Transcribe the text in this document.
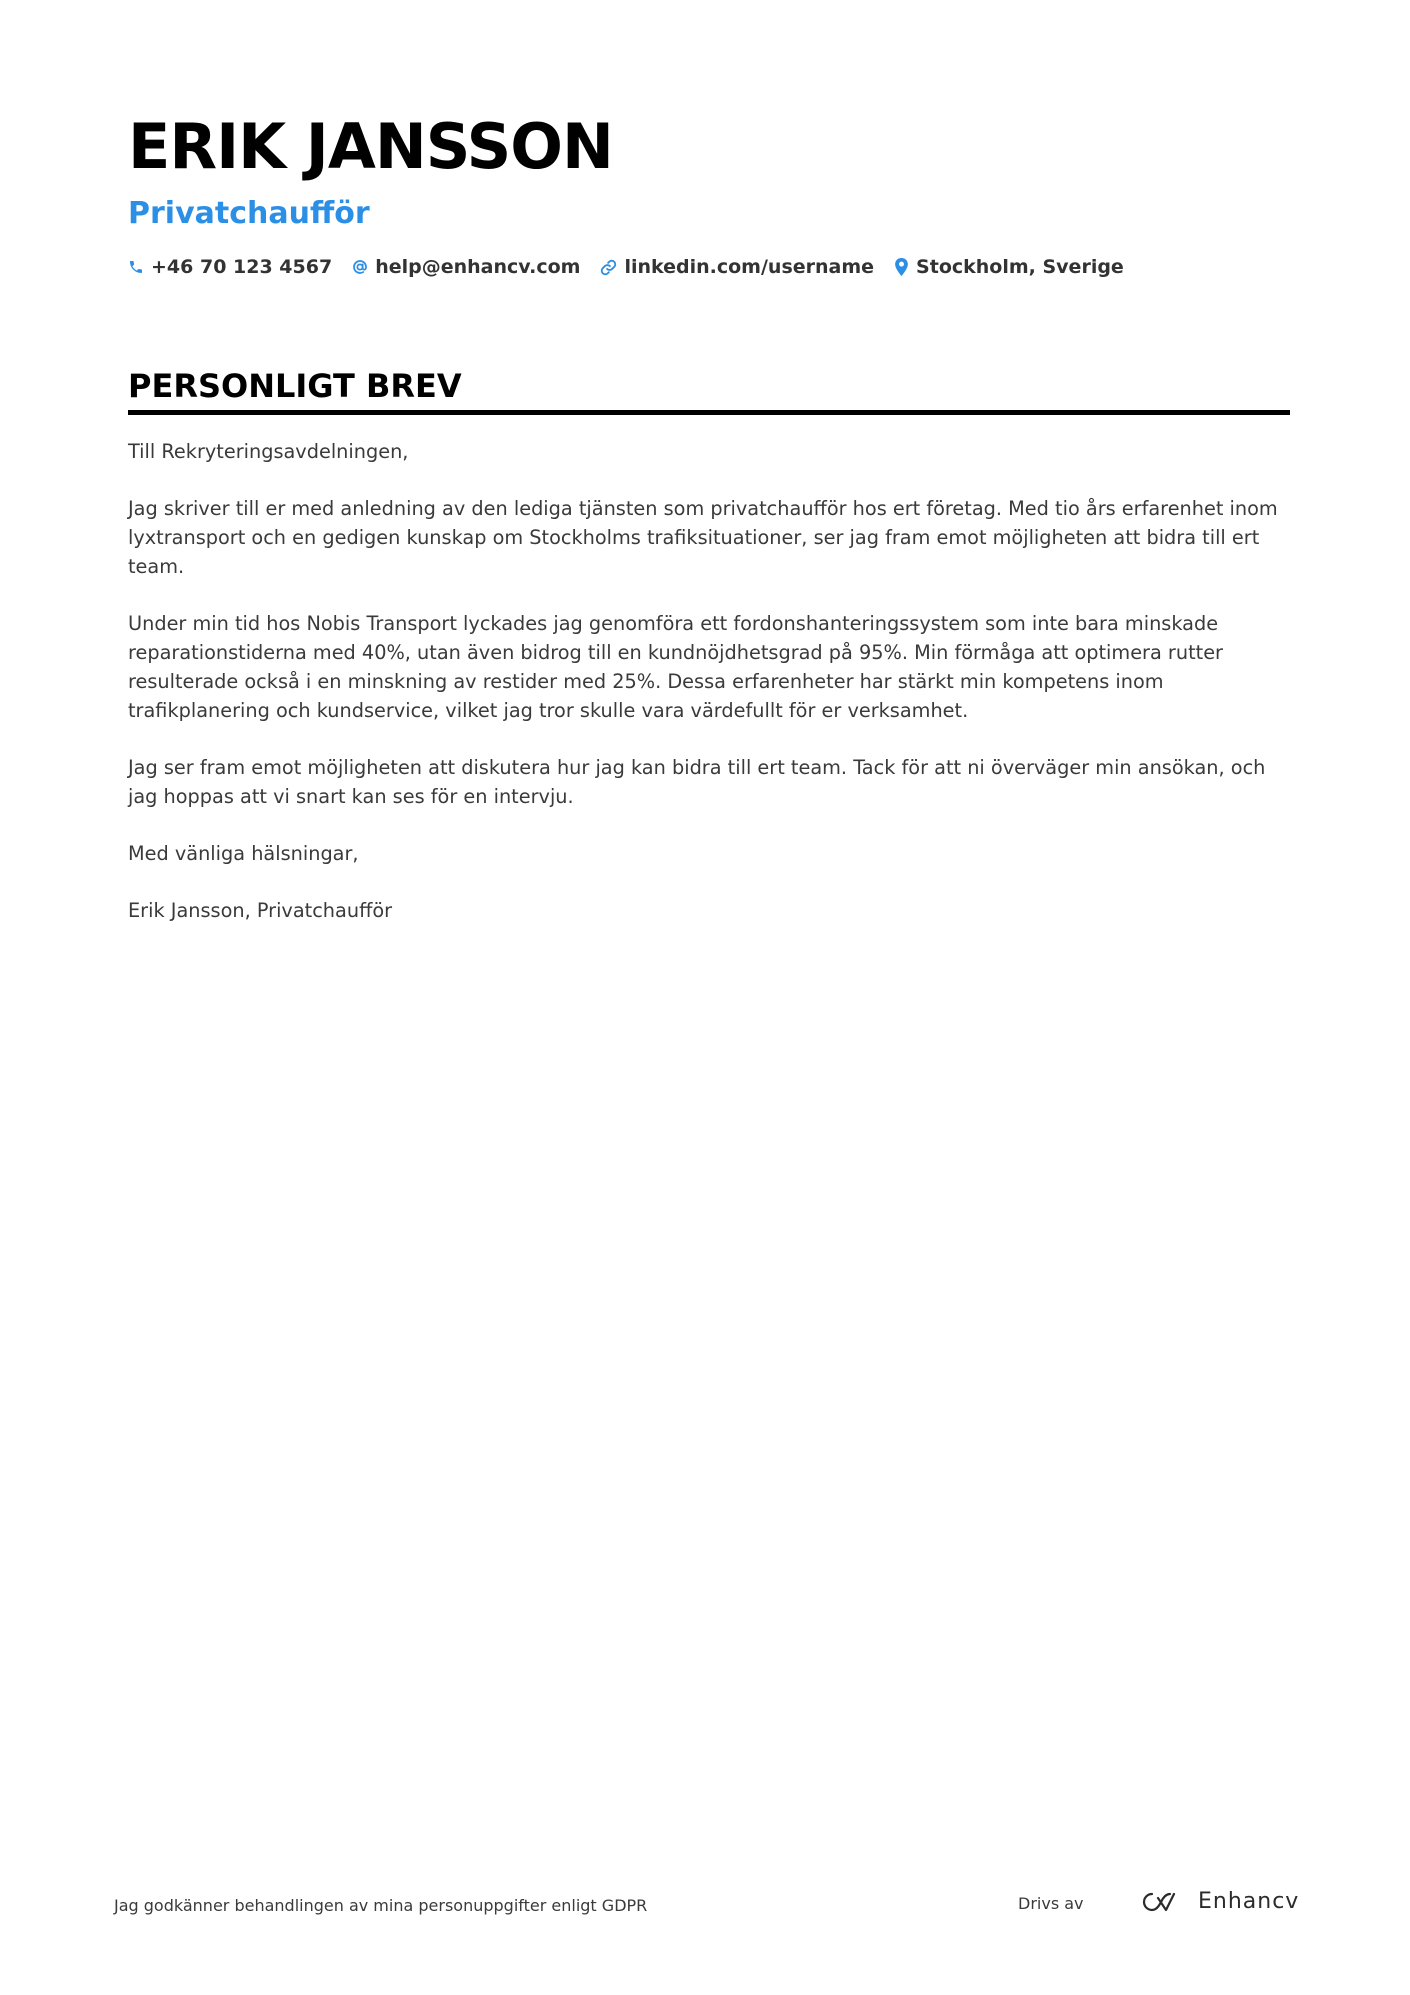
ERIK JANSSON
Privatchaufför
+46 70 123 4567 help@enhancv.com linkedin.com/username Stockholm, Sverige
PERSONLIGT BREV

Till Rekryteringsavdelningen,

Jag skriver till er med anledning av den lediga tjänsten som privatchaufför hos ert företag. Med tio års erfarenhet inom lyxtransport och en gedigen kunskap om Stockholms trafiksituationer, ser jag fram emot möjligheten att bidra till ert team.

Under min tid hos Nobis Transport lyckades jag genomföra ett fordonshanteringssystem som inte bara minskade reparationstiderna med 40%, utan även bidrog till en kundnöjdhetsgrad på 95%. Min förmåga att optimera rutter resulterade också i en minskning av restider med 25%. Dessa erfarenheter har stärkt min kompetens inom trafikplanering och kundservice, vilket jag tror skulle vara värdefullt för er verksamhet.

Jag ser fram emot möjligheten att diskutera hur jag kan bidra till ert team. Tack för att ni överväger min ansökan, och jag hoppas att vi snart kan ses för en intervju.

Med vänliga hälsningar,

Erik Jansson, Privatchaufför

Jag godkänner behandlingen av mina personuppgifter enligt GDPR	Drivs av	Enhancv
